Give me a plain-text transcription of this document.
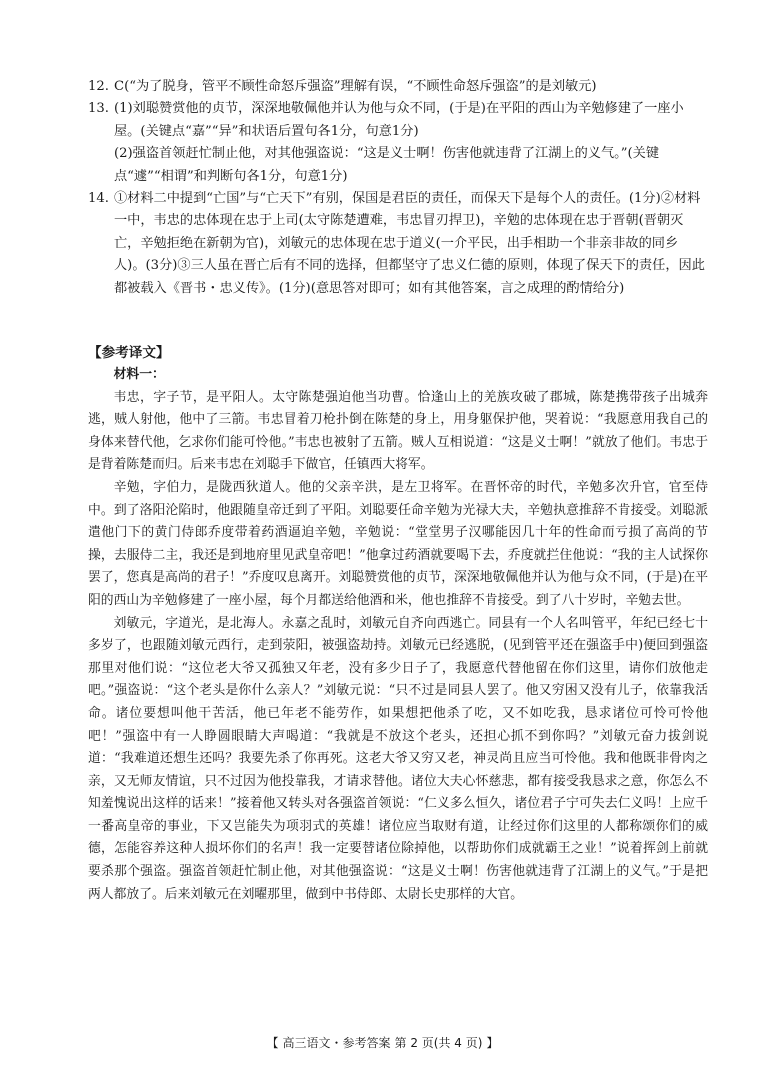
12. C(“为了脱身，管平不顾性命怒斥强盗”理解有误，“不顾性命怒斥强盗”的是刘敏元)

13. (1)刘聪赞赏他的贞节，深深地敬佩他并认为他与众不同，(于是)在平阳的西山为辛勉修建了一座小屋。(关键点“嘉”“异”和状语后置句各1分，句意1分)

(2)强盗首领赶忙制止他，对其他强盗说：“这是义士啊！伤害他就违背了江湖上的义气。”(关键点“遽”“相谓”和判断句各1分，句意1分)

14. ①材料二中提到“亡国”与“亡天下”有别，保国是君臣的责任，而保天下是每个人的责任。(1分)②材料一中，韦忠的忠体现在忠于上司(太守陈楚遭难，韦忠冒刃捍卫)，辛勉的忠体现在忠于晋朝(晋朝灭亡，辛勉拒绝在新朝为官)，刘敏元的忠体现在忠于道义(一介平民，出手相助一个非亲非故的同乡人)。(3分)③三人虽在晋亡后有不同的选择，但都坚守了忠义仁德的原则，体现了保天下的责任，因此都被载入《晋书・忠义传》。(1分)(意思答对即可；如有其他答案，言之成理的酌情给分)

【参考译文】

材料一：

韦忠，字子节，是平阳人。太守陈楚强迫他当功曹。恰逢山上的羌族攻破了郡城，陈楚携带孩子出城奔逃，贼人射他，他中了三箭。韦忠冒着刀枪扑倒在陈楚的身上，用身躯保护他，哭着说：“我愿意用我自己的身体来替代他，乞求你们能可怜他。”韦忠也被射了五箭。贼人互相说道：“这是义士啊！”就放了他们。韦忠于是背着陈楚而归。后来韦忠在刘聪手下做官，任镇西大将军。

辛勉，字伯力，是陇西狄道人。他的父亲辛洪，是左卫将军。在晋怀帝的时代，辛勉多次升官，官至侍中。到了洛阳沦陷时，他跟随皇帝迁到了平阳。刘聪要任命辛勉为光禄大夫，辛勉执意推辞不肯接受。刘聪派遣他门下的黄门侍郎乔度带着药酒逼迫辛勉，辛勉说：“堂堂男子汉哪能因几十年的性命而亏损了高尚的节操，去服侍二主，我还是到地府里见武皇帝吧！”他拿过药酒就要喝下去，乔度就拦住他说：“我的主人试探你罢了，您真是高尚的君子！”乔度叹息离开。刘聪赞赏他的贞节，深深地敬佩他并认为他与众不同，(于是)在平阳的西山为辛勉修建了一座小屋，每个月都送给他酒和米，他也推辞不肯接受。到了八十岁时，辛勉去世。

刘敏元，字道光，是北海人。永嘉之乱时，刘敏元自齐向西逃亡。同县有一个人名叫管平，年纪已经七十多岁了，也跟随刘敏元西行，走到荥阳，被强盗劫持。刘敏元已经逃脱，(见到管平还在强盗手中)便回到强盗那里对他们说：“这位老大爷又孤独又年老，没有多少日子了，我愿意代替他留在你们这里，请你们放他走吧。”强盗说：“这个老头是你什么亲人？”刘敏元说：“只不过是同县人罢了。他又穷困又没有儿子，依靠我活命。诸位要想叫他干苦活，他已年老不能劳作，如果想把他杀了吃，又不如吃我，恳求诸位可怜可怜他吧！”强盗中有一人睁圆眼睛大声喝道：“我就是不放这个老头，还担心抓不到你吗？”刘敏元奋力拔剑说道：“我难道还想生还吗？我要先杀了你再死。这老大爷又穷又老，神灵尚且应当可怜他。我和他既非骨肉之亲，又无师友情谊，只不过因为他投靠我，才请求替他。诸位大夫心怀慈悲，都有接受我恳求之意，你怎么不知羞愧说出这样的话来！”接着他又转头对各强盗首领说：“仁义多么恒久，诸位君子宁可失去仁义吗！上应千一番高皇帝的事业，下又岂能失为项羽式的英雄！诸位应当取财有道，让经过你们这里的人都称颂你们的威德，怎能容养这种人损坏你们的名声！我一定要替诸位除掉他，以帮助你们成就霸王之业！”说着挥剑上前就要杀那个强盗。强盗首领赶忙制止他，对其他强盗说：“这是义士啊！伤害他就违背了江湖上的义气。”于是把两人都放了。后来刘敏元在刘曜那里，做到中书侍郎、太尉长史那样的大官。

【 高三语文・参考答案 第 2 页(共 4 页) 】
